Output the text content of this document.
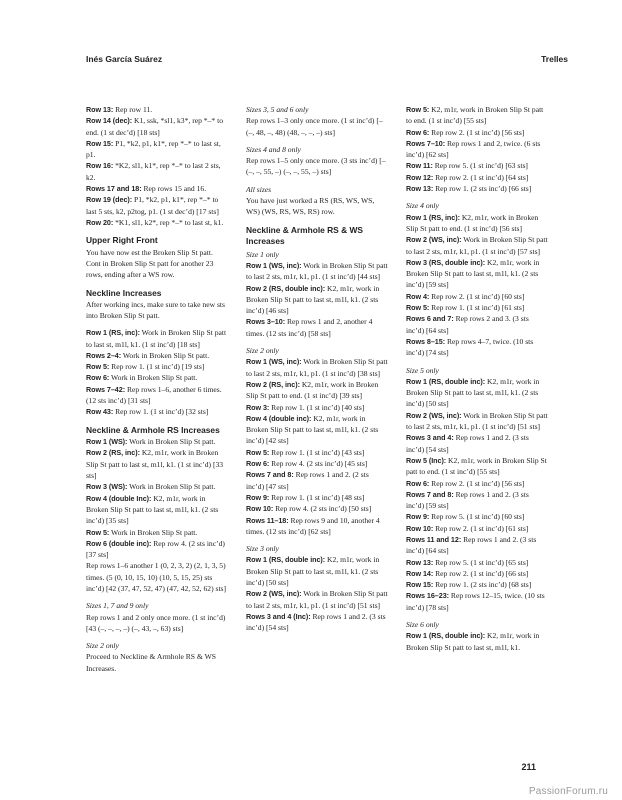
Inés García Suárez	Trelles

Row 13: Rep row 11.

Row 14 (dec): K1, ssk, *sl1, k3*, rep *–* to end. (1 st dec’d) [18 sts]

Row 15: P1, *k2, p1, k1*, rep *–* to last st, p1.

Row 16: *K2, sl1, k1*, rep *–* to last 2 sts, k2.

Rows 17 and 18: Rep rows 15 and 16.

Row 19 (dec): P1, *k2, p1, k1*, rep *–* to last 5 sts, k2, p2tog, p1. (1 st dec’d) [17 sts]

Row 20: *K1, sl1, k2*, rep *–* to last st, k1.

Upper Right Front

You have now est the Broken Slip St patt. Cont in Broken Slip St patt for another 23 rows, ending after a WS row.

Neckline Increases

After working incs, make sure to take new sts into Broken Slip St patt.

Row 1 (RS, inc): Work in Broken Slip St patt to last st, m1l, k1. (1 st inc’d) [18 sts]

Rows 2–4: Work in Broken Slip St patt.

Row 5: Rep row 1. (1 st inc’d) [19 sts]

Row 6: Work in Broken Slip St patt.

Rows 7–42: Rep rows 1–6, another 6 times. (12 sts inc’d) [31 sts]

Row 43: Rep row 1. (1 st inc’d) [32 sts]

Neckline & Armhole RS Increases

Row 1 (WS): Work in Broken Slip St patt.

Row 2 (RS, inc): K2, m1r, work in Broken Slip St patt to last st, m1l, k1. (1 st inc’d) [33 sts]

Row 3 (WS): Work in Broken Slip St patt.

Row 4 (double Inc): K2, m1r, work in Broken Slip St patt to last st, m1l, k1. (2 sts inc’d) [35 sts]

Row 5: Work in Broken Slip St patt.

Row 6 (double inc): Rep row 4. (2 sts inc’d) [37 sts]

Rep rows 1–6 another 1 (0, 2, 3, 2) (2, 1, 3, 5) times. (5 (0, 10, 15, 10) (10, 5, 15, 25) sts inc’d) [42 (37, 47, 52, 47) (47, 42, 52, 62) sts]

Sizes 1, 7 and 9 only

Rep rows 1 and 2 only once more. (1 st inc’d) [43 (–, –, –, –) (–, 43, –, 63) sts]

Size 2 only

Proceed to Neckline & Armhole RS & WS Increases.

Sizes 3, 5 and 6 only

Rep rows 1–3 only once more. (1 st inc’d) [– (–, 48, –, 48) (48, –, –, –) sts]

Sizes 4 and 8 only

Rep rows 1–5 only once more. (3 sts inc’d) [– (–, –, 55, –) (–, –, 55, –) sts]

All sizes

You have just worked a RS (RS, WS, WS, WS) (WS, RS, WS, RS) row.

Neckline & Armhole RS & WS Increases

Size 1 only

Row 1 (WS, inc): Work in Broken Slip St patt to last 2 sts, m1r, k1, p1. (1 st inc’d) [44 sts]

Row 2 (RS, double inc): K2, m1r, work in Broken Slip St patt to last st, m1l, k1. (2 sts inc’d) [46 sts]

Rows 3–10: Rep rows 1 and 2, another 4 times. (12 sts inc’d) [58 sts]

Size 2 only

Row 1 (WS, inc): Work in Broken Slip St patt to last 2 sts, m1r, k1, p1. (1 st inc’d) [38 sts]

Row 2 (RS, inc): K2, m1r, work in Broken Slip St patt to end. (1 st inc’d) [39 sts]

Row 3: Rep row 1. (1 st inc’d) [40 sts]

Row 4 (double inc): K2, m1r, work in Broken Slip St patt to last st, m1l, k1. (2 sts inc’d) [42 sts]

Row 5: Rep row 1. (1 st inc’d) [43 sts]

Row 6: Rep row 4. (2 sts inc’d) [45 sts]

Rows 7 and 8: Rep rows 1 and 2. (2 sts inc’d) [47 sts]

Row 9: Rep row 1. (1 st inc’d) [48 sts]

Row 10: Rep row 4. (2 sts inc’d) [50 sts]

Rows 11–18: Rep rows 9 and 10, another 4 times. (12 sts inc’d) [62 sts]

Size 3 only

Row 1 (RS, double inc): K2, m1r, work in Broken Slip St patt to last st, m1l, k1. (2 sts inc’d) [50 sts]

Row 2 (WS, inc): Work in Broken Slip St patt to last 2 sts, m1r, k1, p1. (1 st inc’d) [51 sts]

Rows 3 and 4 (Inc): Rep rows 1 and 2. (3 sts inc’d) [54 sts]

Row 5: K2, m1r, work in Broken Slip St patt to end. (1 st inc’d) [55 sts]

Row 6: Rep row 2. (1 st inc’d) [56 sts]

Rows 7–10: Rep rows 1 and 2, twice. (6 sts inc’d) [62 sts]

Row 11: Rep row 5. (1 st inc’d) [63 sts]

Row 12: Rep row 2. (1 st inc’d) [64 sts]

Row 13: Rep row 1. (2 sts inc’d) [66 sts]

Size 4 only

Row 1 (RS, inc): K2, m1r, work in Broken Slip St patt to end. (1 st inc’d) [56 sts]

Row 2 (WS, inc): Work in Broken Slip St patt to last 2 sts, m1r, k1, p1. (1 st inc’d) [57 sts]

Row 3 (RS, double inc): K2, m1r, work in Broken Slip St patt to last st, m1l, k1. (2 sts inc’d) [59 sts]

Row 4: Rep row 2. (1 st inc’d) [60 sts]

Row 5: Rep row 1. (1 st inc’d) [61 sts]

Rows 6 and 7: Rep rows 2 and 3. (3 sts inc’d) [64 sts]

Rows 8–15: Rep rows 4–7, twice. (10 sts inc’d) [74 sts]

Size 5 only

Row 1 (RS, double inc): K2, m1r, work in Broken Slip St patt to last st, m1l, k1. (2 sts inc’d) [50 sts]

Row 2 (WS, inc): Work in Broken Slip St patt to last 2 sts, m1r, k1, p1. (1 st inc’d) [51 sts]

Rows 3 and 4: Rep rows 1 and 2. (3 sts inc’d) [54 sts]

Row 5 (Inc): K2, m1r, work in Broken Slip St patt to end. (1 st inc’d) [55 sts]

Row 6: Rep row 2. (1 st inc’d) [56 sts]

Rows 7 and 8: Rep rows 1 and 2. (3 sts inc’d) [59 sts]

Row 9: Rep row 5. (1 st inc’d) [60 sts]

Row 10: Rep row 2. (1 st inc’d) [61 sts]

Rows 11 and 12: Rep rows 1 and 2. (3 sts inc’d) [64 sts]

Row 13: Rep row 5. (1 st inc’d) [65 sts]

Row 14: Rep row 2. (1 st inc’d) [66 sts]

Row 15: Rep row 1. (2 sts inc’d) [68 sts]

Rows 16–23: Rep rows 12–15, twice. (10 sts inc’d) [78 sts]

Size 6 only

Row 1 (RS, double inc): K2, m1r, work in Broken Slip St patt to last st, m1l, k1.

211
PassionForum.ru
